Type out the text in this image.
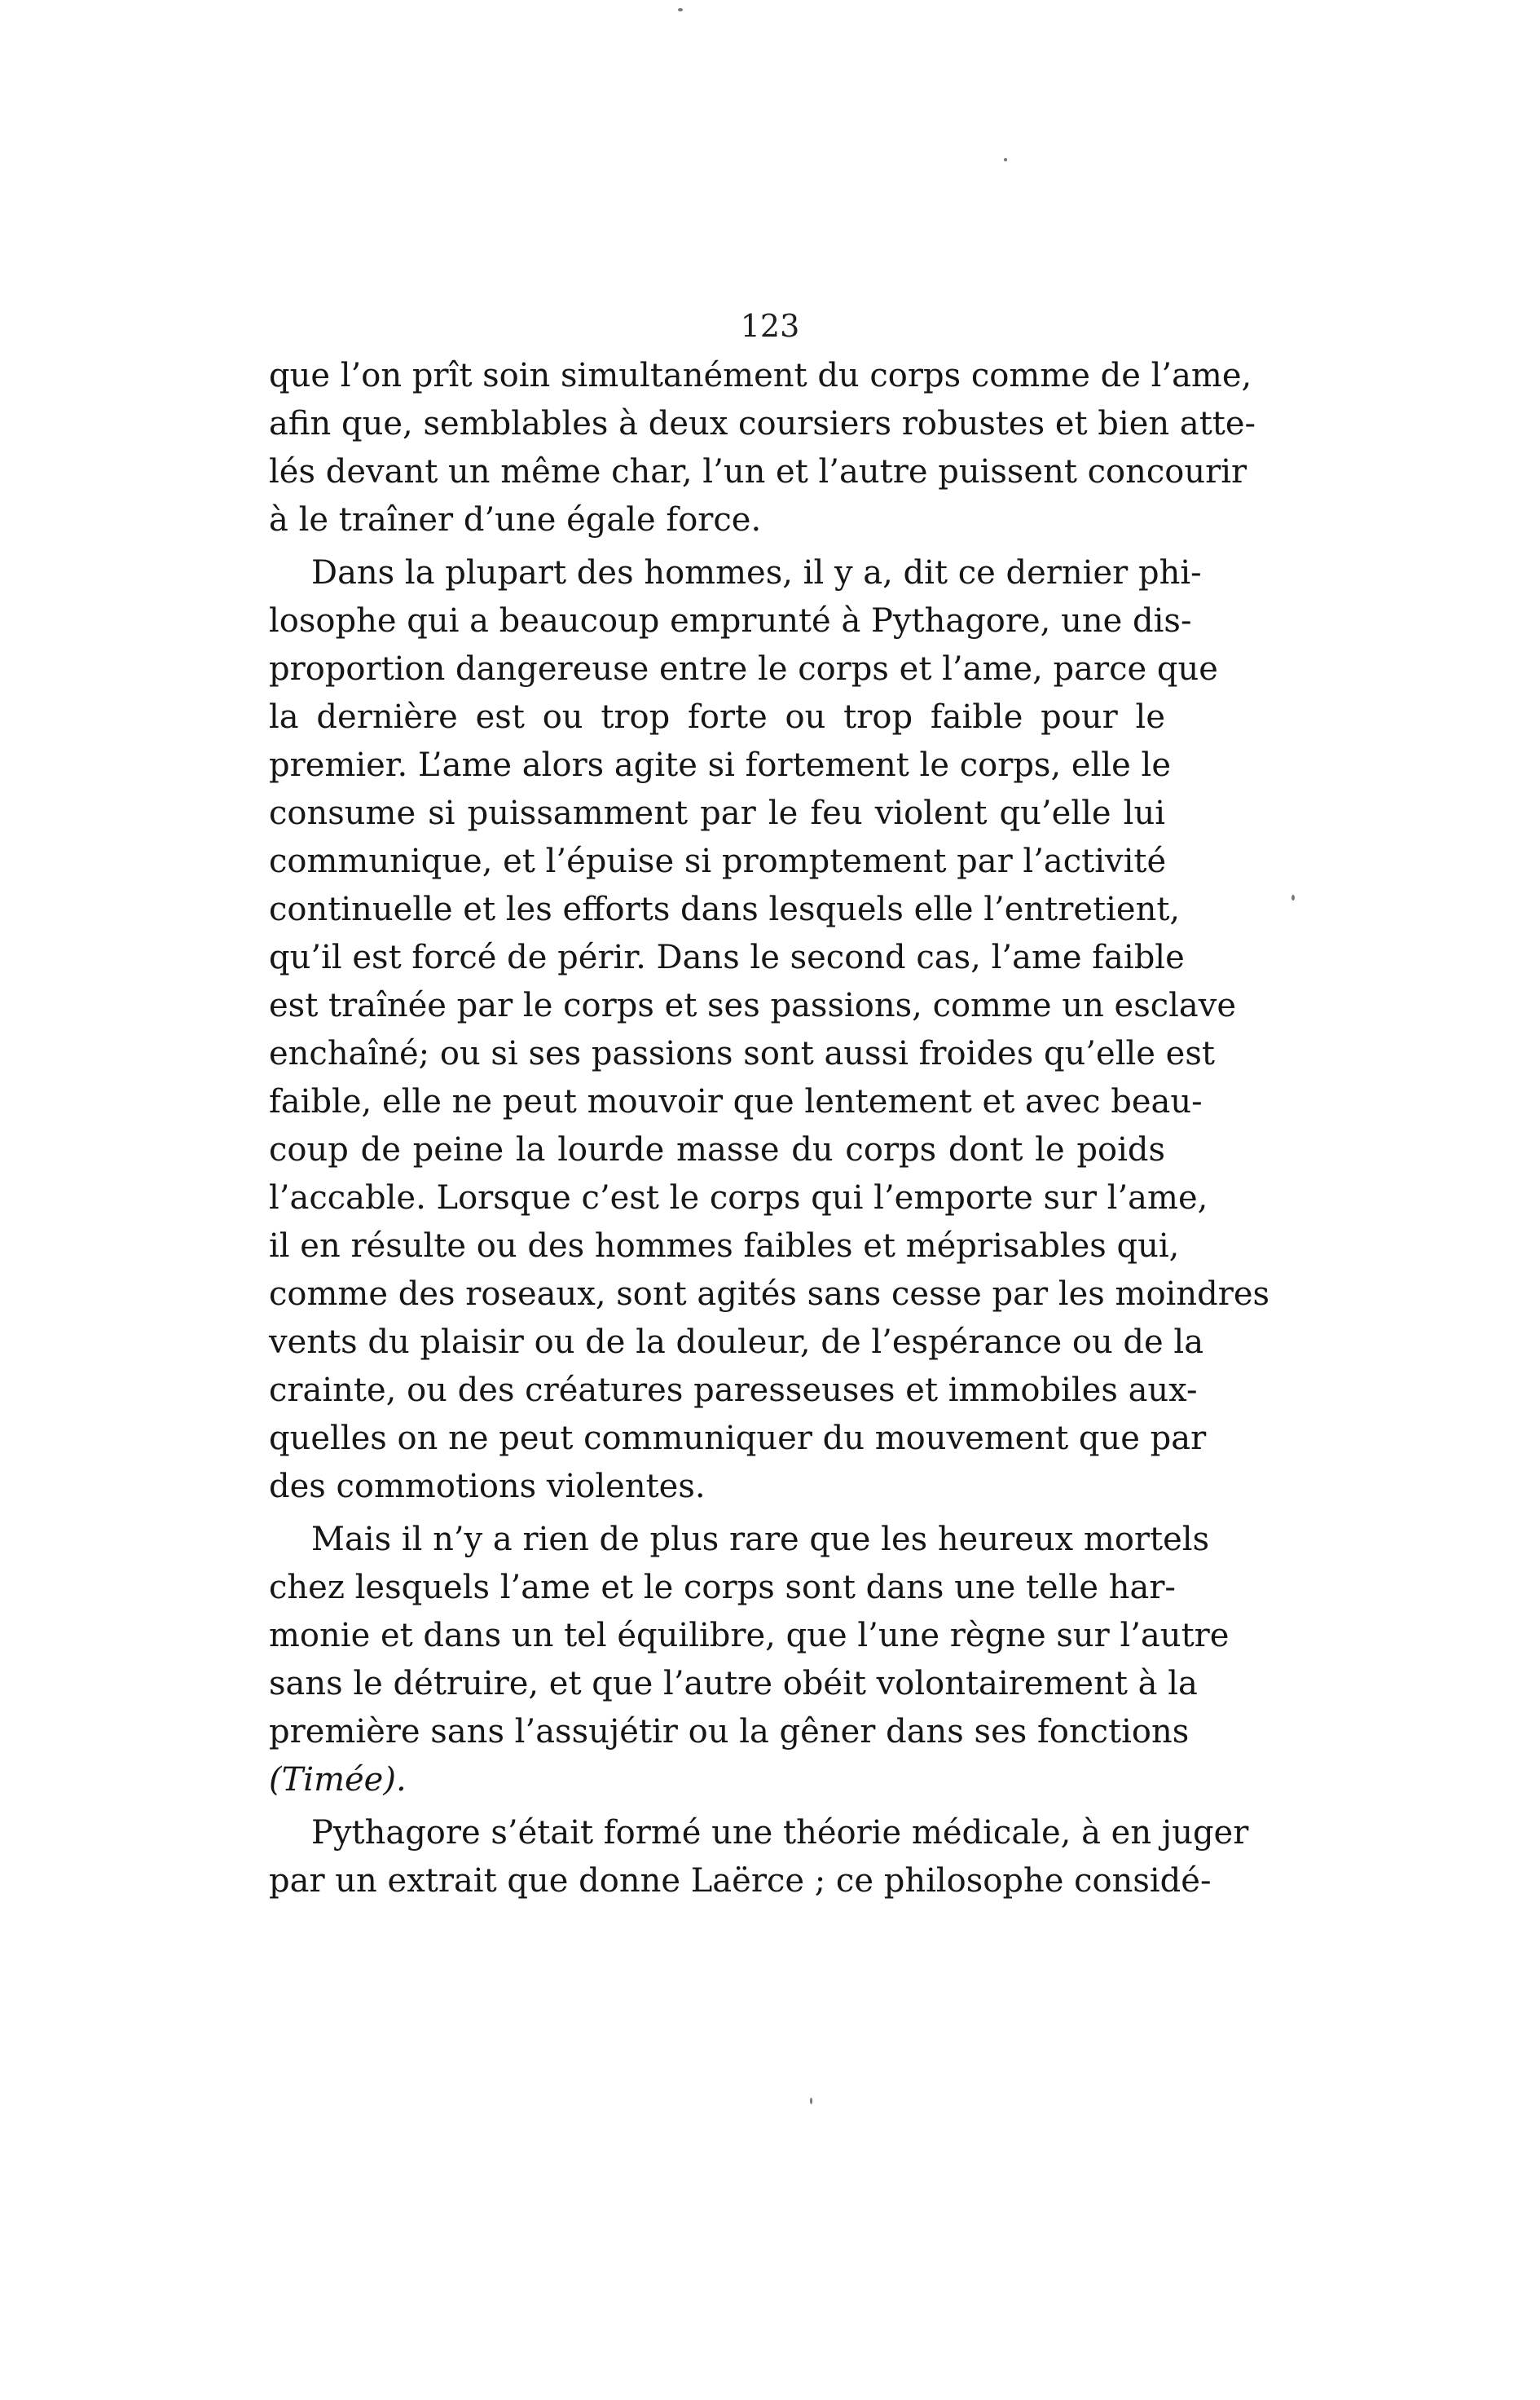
123
que l’on prît soin simultanément du corps comme de l’ame,
afin que, semblables à deux coursiers robustes et bien atte-
lés devant un même char, l’un et l’autre puissent concourir
à le traîner d’une égale force.
Dans la plupart des hommes, il y a, dit ce dernier phi-
losophe qui a beaucoup emprunté à Pythagore, une dis-
proportion dangereuse entre le corps et l’ame, parce que
la dernière est ou trop forte ou trop faible pour le
premier. L’ame alors agite si fortement le corps, elle le
consume si puissamment par le feu violent qu’elle lui
communique, et l’épuise si promptement par l’activité
continuelle et les efforts dans lesquels elle l’entretient,
qu’il est forcé de périr. Dans le second cas, l’ame faible
est traînée par le corps et ses passions, comme un esclave
enchaîné; ou si ses passions sont aussi froides qu’elle est
faible, elle ne peut mouvoir que lentement et avec beau-
coup de peine la lourde masse du corps dont le poids
l’accable. Lorsque c’est le corps qui l’emporte sur l’ame,
il en résulte ou des hommes faibles et méprisables qui,
comme des roseaux, sont agités sans cesse par les moindres
vents du plaisir ou de la douleur, de l’espérance ou de la
crainte, ou des créatures paresseuses et immobiles aux-
quelles on ne peut communiquer du mouvement que par
des commotions violentes.
Mais il n’y a rien de plus rare que les heureux mortels
chez lesquels l’ame et le corps sont dans une telle har-
monie et dans un tel équilibre, que l’une règne sur l’autre
sans le détruire, et que l’autre obéit volontairement à la
première sans l’assujétir ou la gêner dans ses fonctions
(Timée).
Pythagore s’était formé une théorie médicale, à en juger
par un extrait que donne Laërce ; ce philosophe considé-
